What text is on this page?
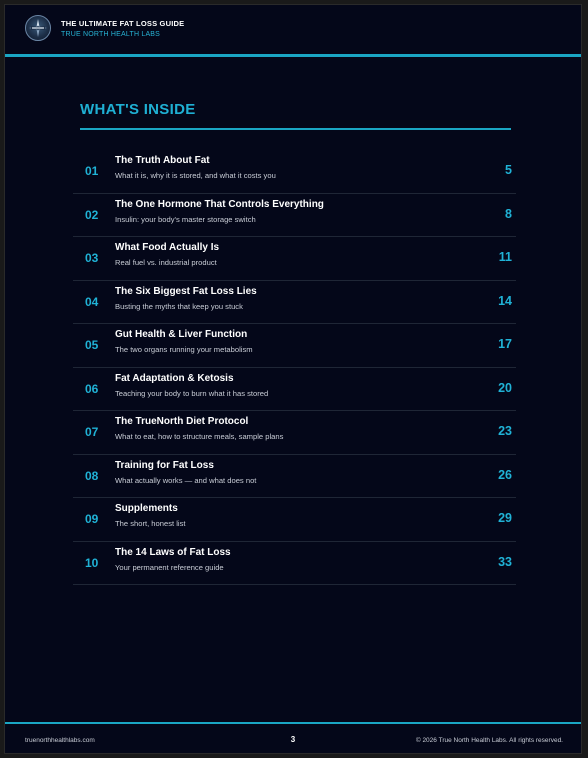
THE ULTIMATE FAT LOSS GUIDE
TRUE NORTH HEALTH LABS
WHAT'S INSIDE
01
The Truth About Fat
What it is, why it is stored, and what it costs you	5
02
The One Hormone That Controls Everything
Insulin: your body's master storage switch	8
03
What Food Actually Is
Real fuel vs. industrial product	11
04
The Six Biggest Fat Loss Lies
Busting the myths that keep you stuck	14
05
Gut Health & Liver Function
The two organs running your metabolism	17
06
Fat Adaptation & Ketosis
Teaching your body to burn what it has stored	20
07
The TrueNorth Diet Protocol
What to eat, how to structure meals, sample plans	23
08
Training for Fat Loss
What actually works — and what does not	26
09
Supplements
The short, honest list	29
10
The 14 Laws of Fat Loss
Your permanent reference guide	33
truenorthhealthlabs.com	3	© 2026 True North Health Labs. All rights reserved.
